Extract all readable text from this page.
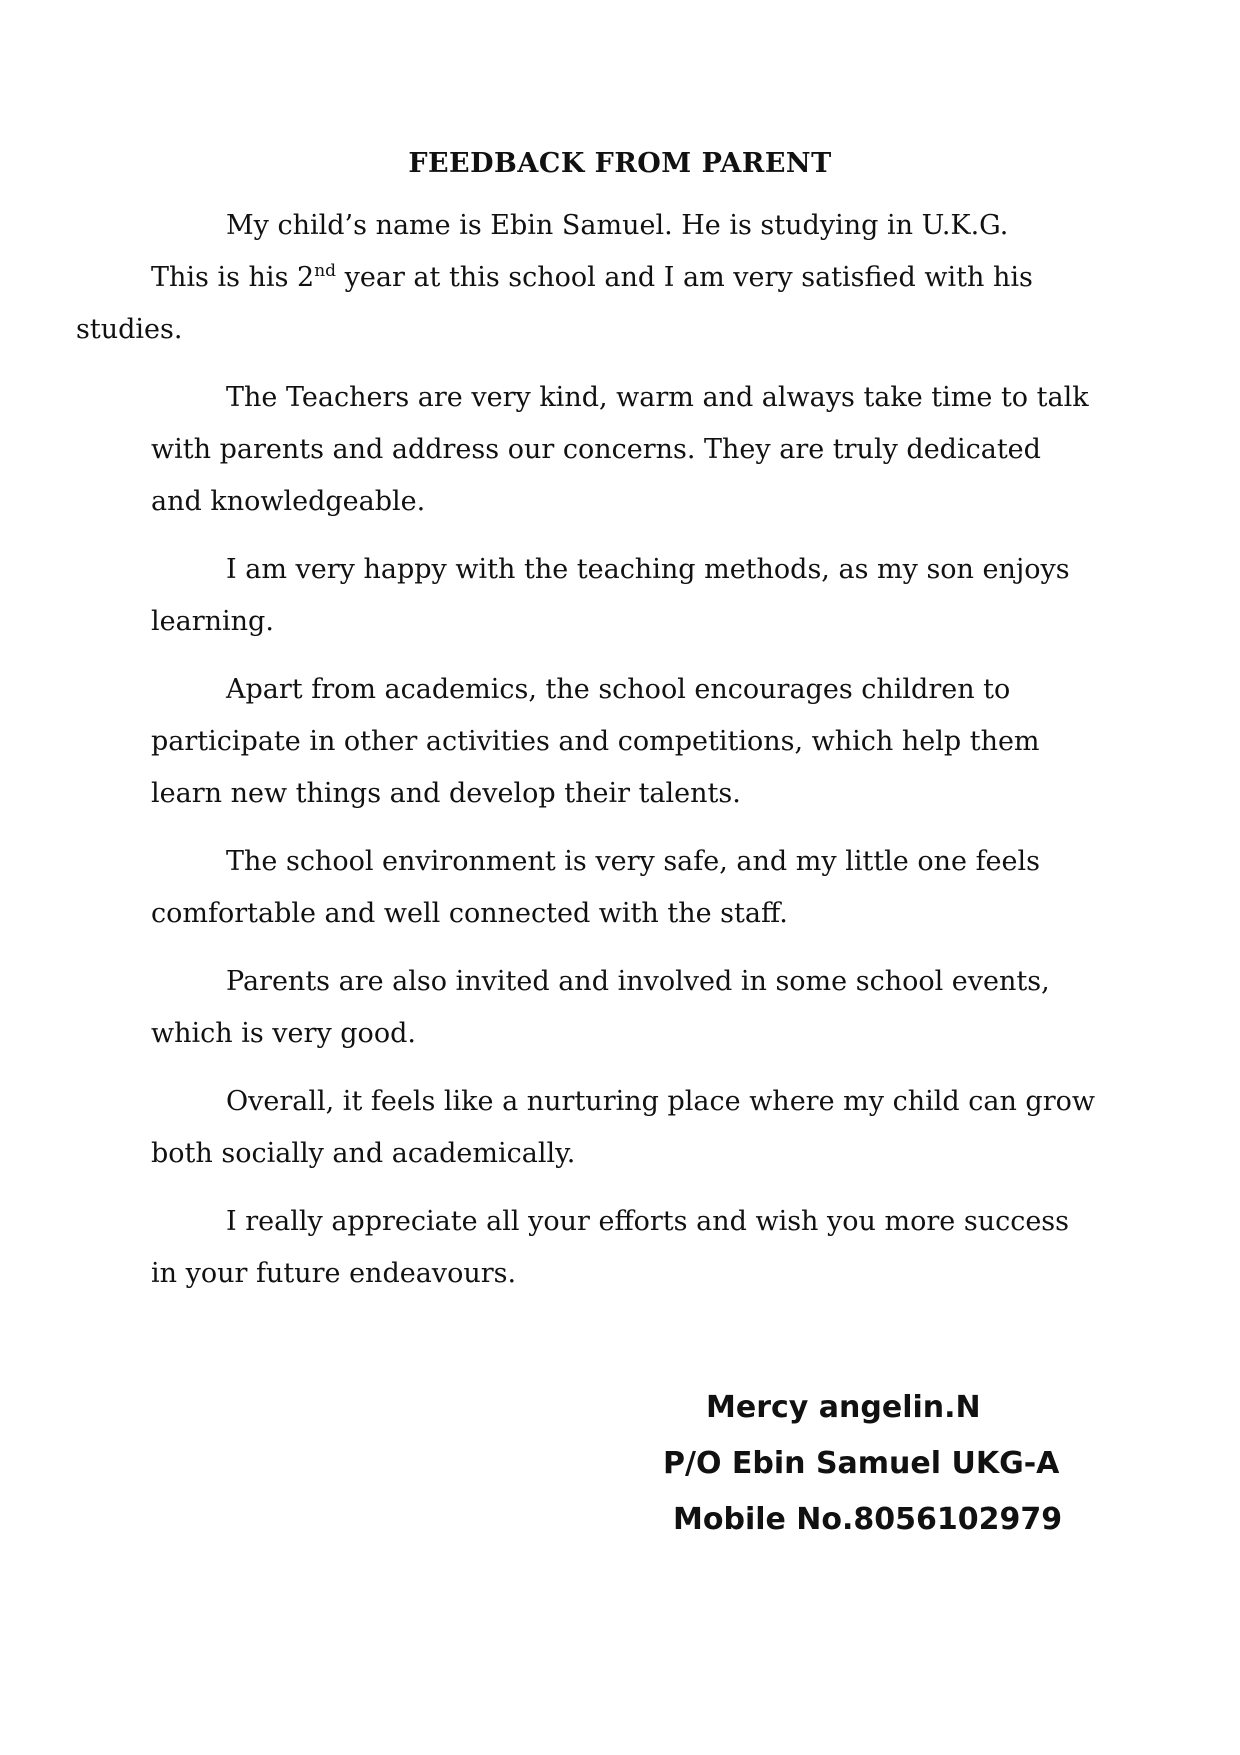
FEEDBACK FROM PARENT

My child’s name is Ebin Samuel. He is studying in U.K.G.
This is his 2nd year at this school and I am very satisfied with his studies.

The Teachers are very kind, warm and always take time to talk with parents and address our concerns. They are truly dedicated and knowledgeable.

I am very happy with the teaching methods, as my son enjoys learning.

Apart from academics, the school encourages children to participate in other activities and competitions, which help them learn new things and develop their talents.

The school environment is very safe, and my little one feels comfortable and well connected with the staff.

Parents are also invited and involved in some school events, which is very good.

Overall, it feels like a nurturing place where my child can grow both socially and academically.

I really appreciate all your efforts and wish you more success in your future endeavours.

Mercy angelin.N
P/O Ebin Samuel UKG-A
Mobile No.8056102979
